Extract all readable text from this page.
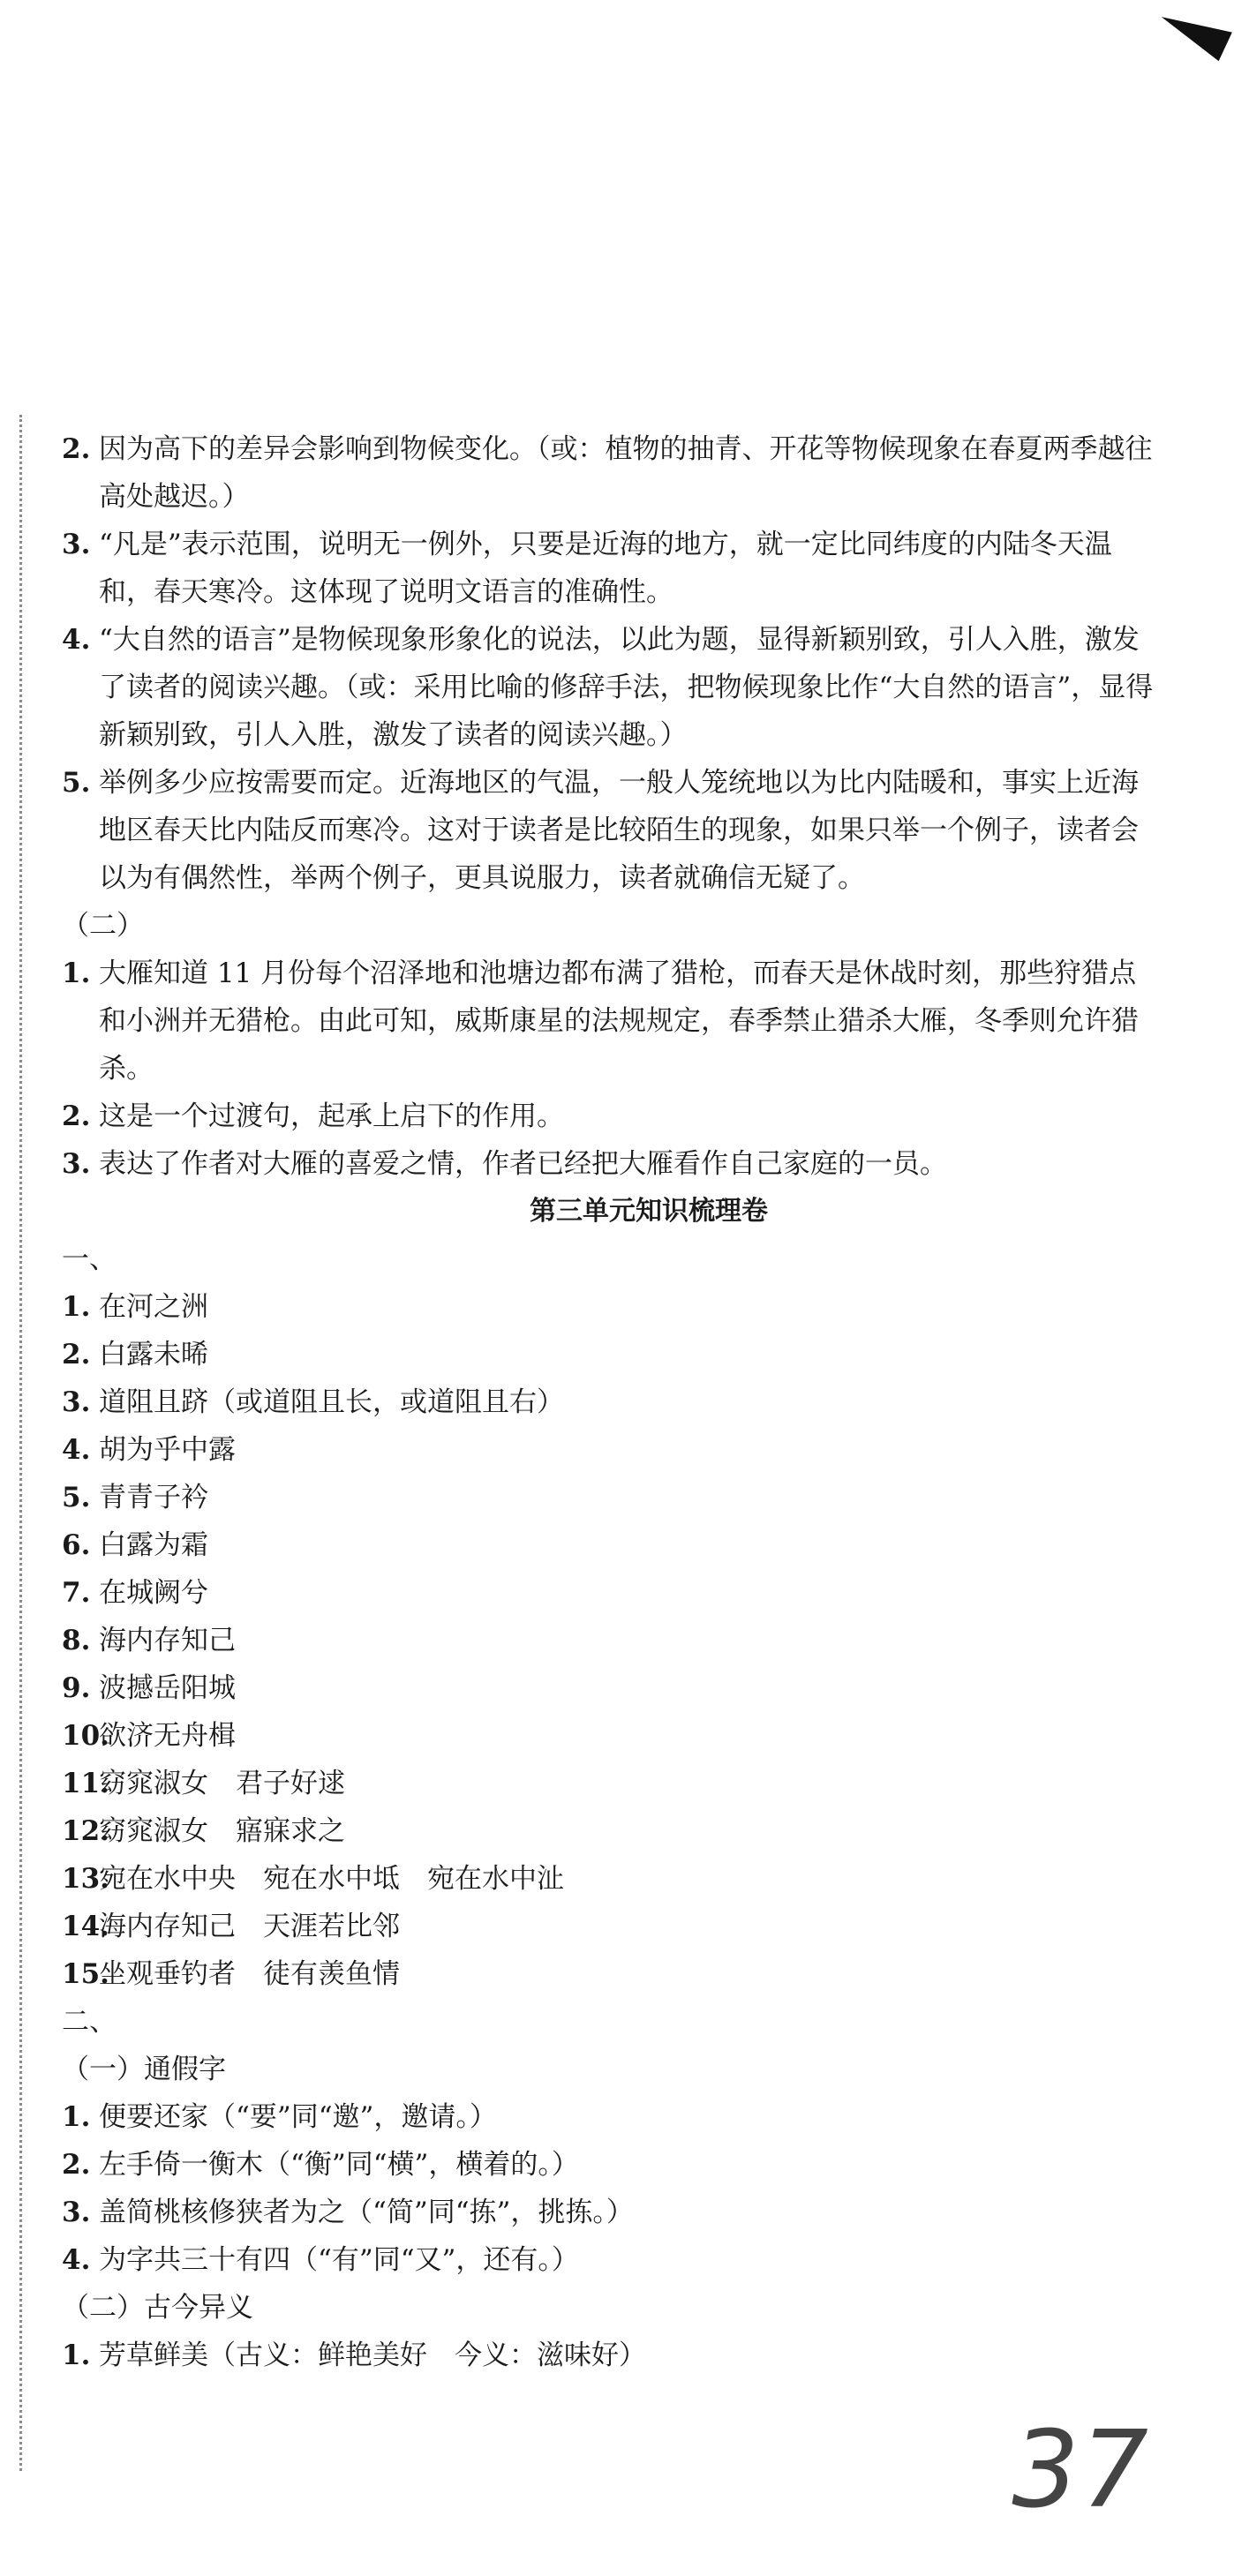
2. 因为高下的差异会影响到物候变化。（或：植物的抽青、开花等物候现象在春夏两季越往高处越迟。）
3. “凡是”表示范围，说明无一例外，只要是近海的地方，就一定比同纬度的内陆冬天温和，春天寒冷。这体现了说明文语言的准确性。
4. “大自然的语言”是物候现象形象化的说法，以此为题，显得新颖别致，引人入胜，激发了读者的阅读兴趣。（或：采用比喻的修辞手法，把物候现象比作“大自然的语言”，显得新颖别致，引人入胜，激发了读者的阅读兴趣。）
5. 举例多少应按需要而定。近海地区的气温，一般人笼统地以为比内陆暖和，事实上近海地区春天比内陆反而寒冷。这对于读者是比较陌生的现象，如果只举一个例子，读者会以为有偶然性，举两个例子，更具说服力，读者就确信无疑了。
（二）
1. 大雁知道 11 月份每个沼泽地和池塘边都布满了猎枪，而春天是休战时刻，那些狩猎点和小洲并无猎枪。由此可知，威斯康星的法规规定，春季禁止猎杀大雁，冬季则允许猎杀。
2. 这是一个过渡句，起承上启下的作用。
3. 表达了作者对大雁的喜爱之情，作者已经把大雁看作自己家庭的一员。
第三单元知识梳理卷
一、
1. 在河之洲
2. 白露未晞
3. 道阻且跻（或道阻且长，或道阻且右）
4. 胡为乎中露
5. 青青子衿
6. 白露为霜
7. 在城阙兮
8. 海内存知己
9. 波撼岳阳城
10.
欲济无舟楫
11.
窈窕淑女　君子好逑
12.
窈窕淑女　寤寐求之
13.
宛在水中央　宛在水中坻　宛在水中沚
14.
海内存知己　天涯若比邻
15.
坐观垂钓者　徒有羡鱼情
二、
（一）通假字
1. 便要还家（“要”同“邀”，邀请。）
2. 左手倚一衡木（“衡”同“横”，横着的。）
3. 盖简桃核修狭者为之（“简”同“拣”，挑拣。）
4. 为字共三十有四（“有”同“又”，还有。）
（二）古今异义
1. 芳草鲜美（古义：鲜艳美好　今义：滋味好）
37
